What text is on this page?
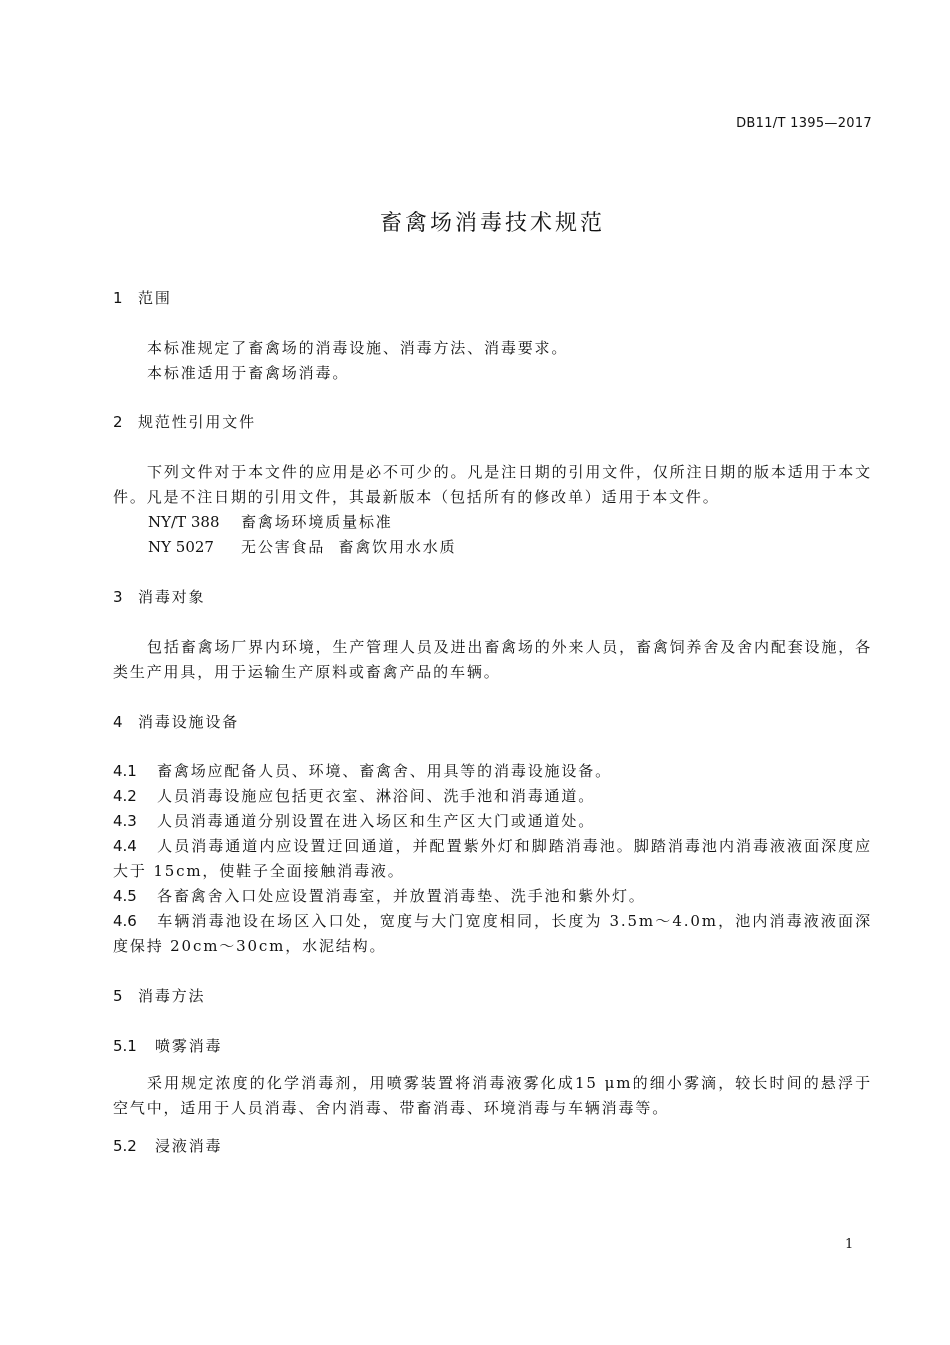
DB11/T 1395—2017
畜禽场消毒技术规范
1 范围

本标准规定了畜禽场的消毒设施、消毒方法、消毒要求。

本标准适用于畜禽场消毒。

2 规范性引用文件

下列文件对于本文件的应用是必不可少的。凡是注日期的引用文件，仅所注日期的版本适用于本文件。凡是不注日期的引用文件，其最新版本（包括所有的修改单）适用于本文件。

NY/T 388 畜禽场环境质量标准
NY 5027 无公害食品  畜禽饮用水水质
3 消毒对象

包括畜禽场厂界内环境，生产管理人员及进出畜禽场的外来人员，畜禽饲养舍及舍内配套设施，各类生产用具，用于运输生产原料或畜禽产品的车辆。

4 消毒设施设备
4.1 畜禽场应配备人员、环境、畜禽舍、用具等的消毒设施设备。
4.2 人员消毒设施应包括更衣室、淋浴间、洗手池和消毒通道。
4.3 人员消毒通道分别设置在进入场区和生产区大门或通道处。
4.4 人员消毒通道内应设置迂回通道，并配置紫外灯和脚踏消毒池。脚踏消毒池内消毒液液面深度应大于 15cm，使鞋子全面接触消毒液。
4.5 各畜禽舍入口处应设置消毒室，并放置消毒垫、洗手池和紫外灯。
4.6 车辆消毒池设在场区入口处，宽度与大门宽度相同，长度为 3.5m～4.0m，池内消毒液液面深度保持 20cm～30cm，水泥结构。
5 消毒方法
5.1 喷雾消毒

采用规定浓度的化学消毒剂，用喷雾装置将消毒液雾化成15 μm的细小雾滴，较长时间的悬浮于空气中，适用于人员消毒、舍内消毒、带畜消毒、环境消毒与车辆消毒等。

5.2 浸液消毒
1
